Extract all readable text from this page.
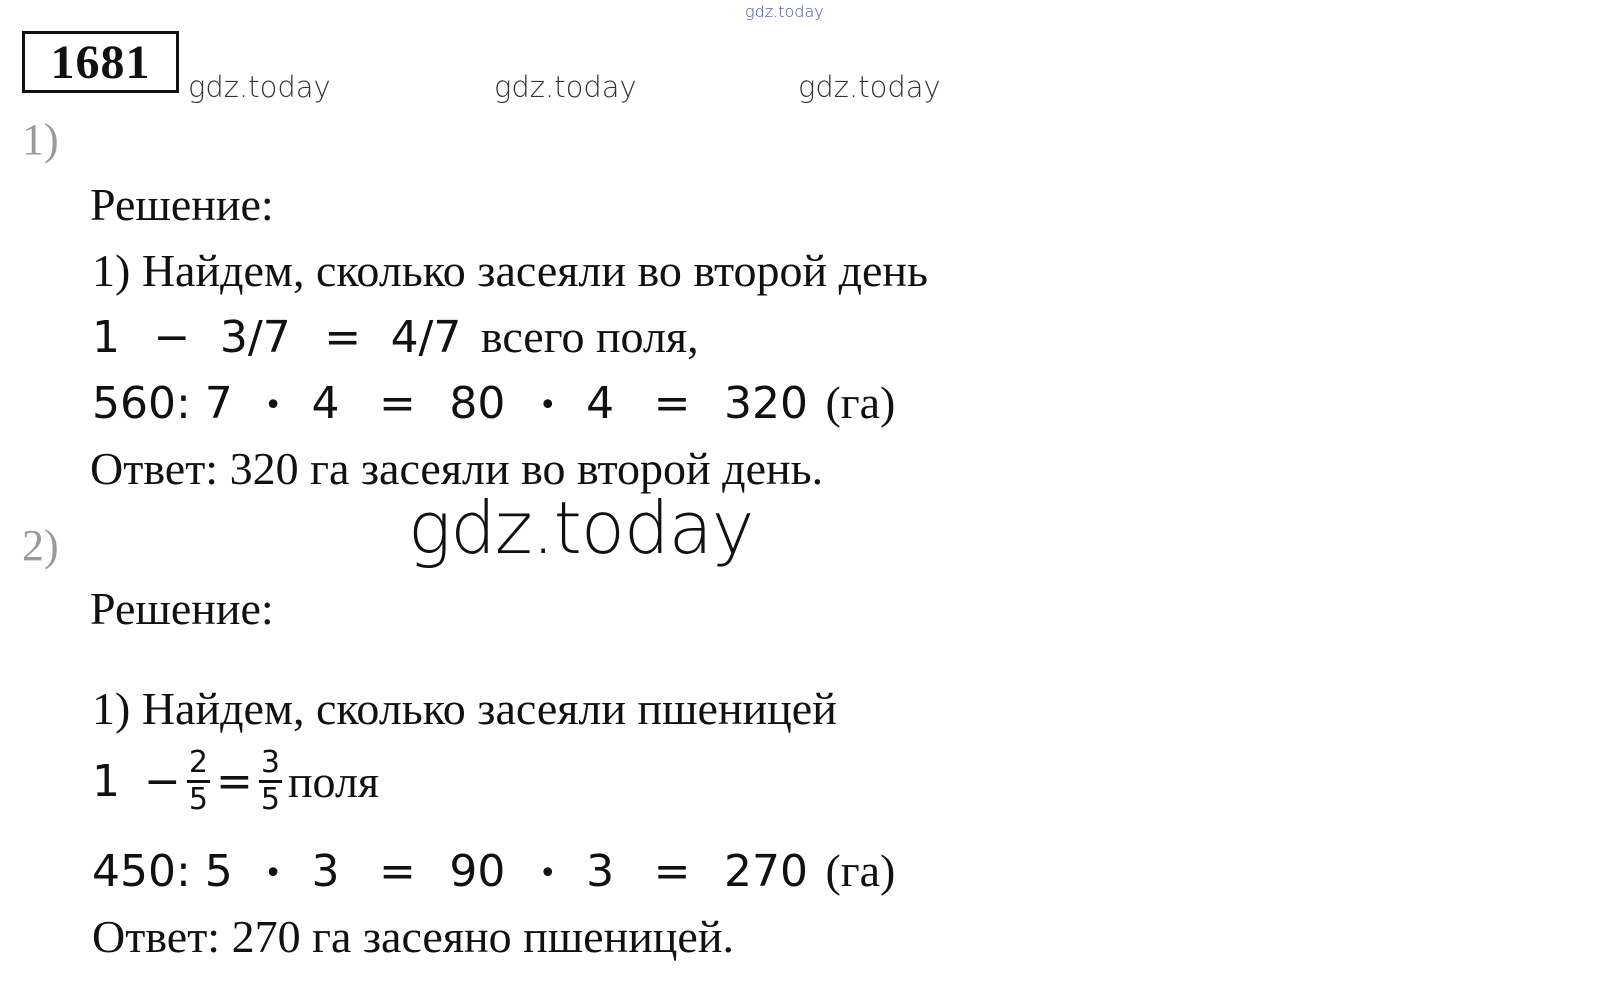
1681
gdz.today
gdz.today	gdz.today	gdz.today
1)
Решение:
1) Найдем, сколько засеяли во второй день
1 − 3/7 = 4/7 всего поля,
560: 7 • 4 = 80 • 4 = 320 (га)
Ответ: 320 га засеяли во второй день.
gdz.today
2)
Решение:
1) Найдем, сколько засеяли пшеницей
$1 - \frac{2}{5} = \frac{3}{5}$ поля
450: 5 • 3 = 90 • 3 = 270 (га)
Ответ: 270 га засеяно пшеницей.
